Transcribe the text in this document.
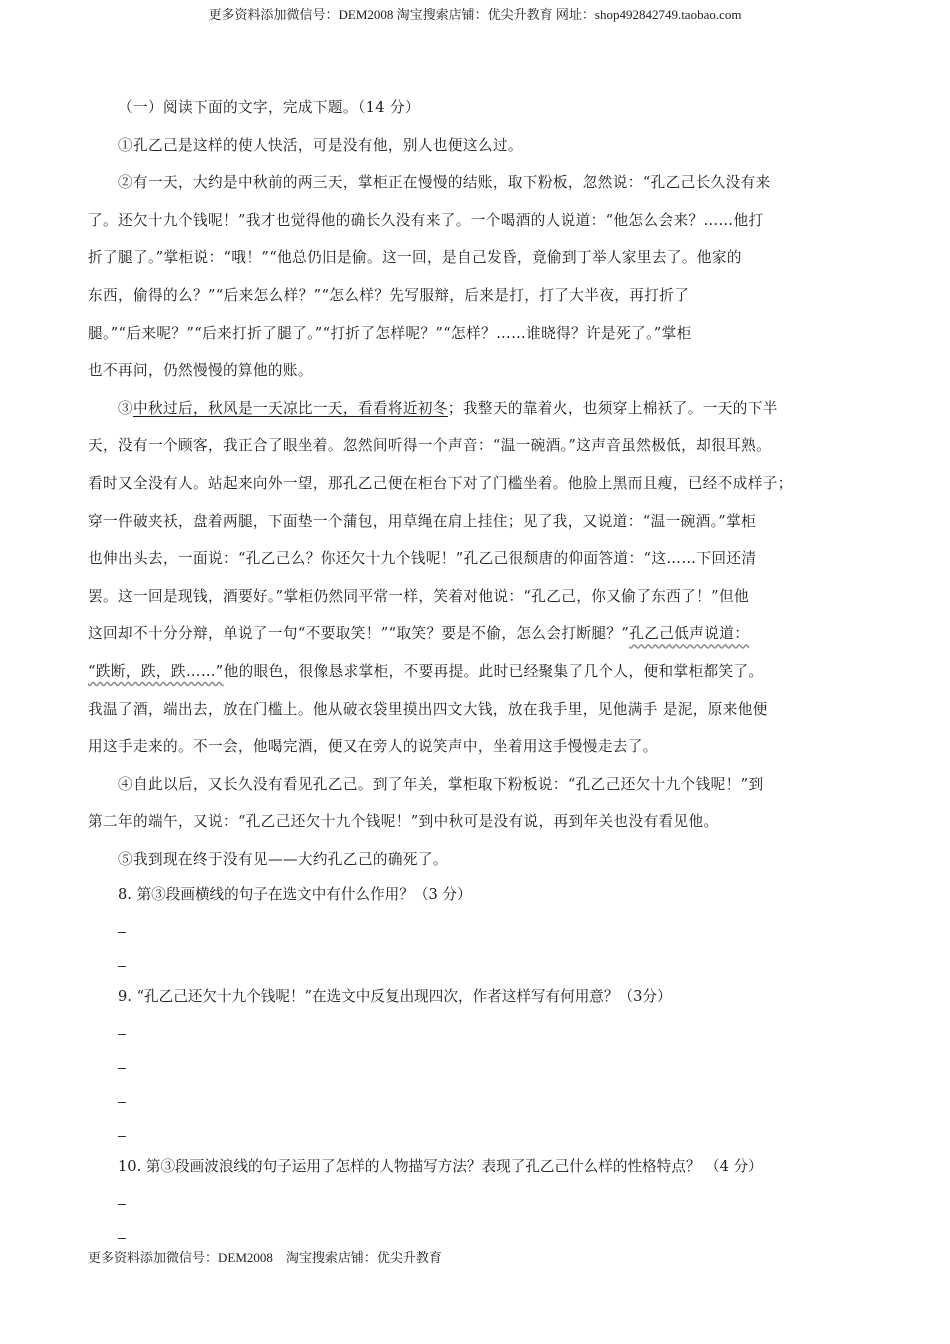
更多资料添加微信号：DEM2008 淘宝搜索店铺：优尖升教育 网址：shop492842749.taobao.com
（一）阅读下面的文字，完成下题。（14 分）
①孔乙己是这样的使人快活，可是没有他，别人也便这么过。
②有一天，大约是中秋前的两三天，掌柜正在慢慢的结账，取下粉板，忽然说：“孔乙己长久没有来
了。还欠十九个钱呢！”我才也觉得他的确长久没有来了。一个喝酒的人说道：“他怎么会来？……他打
折了腿了。”掌柜说：“哦！”“他总仍旧是偷。这一回，是自己发昏，竟偷到丁举人家里去了。他家的
东西，偷得的么？”“后来怎么样？”“怎么样？先写服辩，后来是打，打了大半夜，再打折了
腿。”“后来呢？”“后来打折了腿了。”“打折了怎样呢？”“怎样？……谁晓得？许是死了。”掌柜
也不再问，仍然慢慢的算他的账。
③中秋过后，秋风是一天凉比一天，看看将近初冬；我整天的靠着火，也须穿上棉袄了。一天的下半
天，没有一个顾客，我正合了眼坐着。忽然间听得一个声音：“温一碗酒。”这声音虽然极低，却很耳熟。
看时又全没有人。站起来向外一望，那孔乙己便在柜台下对了门槛坐着。他脸上黑而且瘦，已经不成样子；
穿一件破夹袄，盘着两腿，下面垫一个蒲包，用草绳在肩上挂住；见了我，又说道：“温一碗酒。”掌柜
也伸出头去，一面说：“孔乙己么？你还欠十九个钱呢！”孔乙己很颓唐的仰面答道：“这……下回还清
罢。这一回是现钱，酒要好。”掌柜仍然同平常一样，笑着对他说：“孔乙己，你又偷了东西了！”但他
这回却不十分分辩，单说了一句“不要取笑！”“取笑？要是不偷，怎么会打断腿？”孔乙己低声说道：
“跌断，跌，跌……”他的眼色，很像恳求掌柜，不要再提。此时已经聚集了几个人，便和掌柜都笑了。
我温了酒，端出去，放在门槛上。他从破衣袋里摸出四文大钱，放在我手里，见他满手 是泥，原来他便
用这手走来的。不一会，他喝完酒，便又在旁人的说笑声中，坐着用这手慢慢走去了。
④自此以后，又长久没有看见孔乙己。到了年关，掌柜取下粉板说：“孔乙己还欠十九个钱呢！”到
第二年的端午，又说：“孔乙己还欠十九个钱呢！”到中秋可是没有说，再到年关也没有看见他。
⑤我到现在终于没有见——大约孔乙己的确死了。
8. 第③段画横线的句子在选文中有什么作用？（3 分）
9. “孔乙己还欠十九个钱呢！”在选文中反复出现四次，作者这样写有何用意？（3分）
10. 第③段画波浪线的句子运用了怎样的人物描写方法？表现了孔乙己什么样的性格特点？ （4 分）
更多资料添加微信号：DEM2008　淘宝搜索店铺：优尖升教育
